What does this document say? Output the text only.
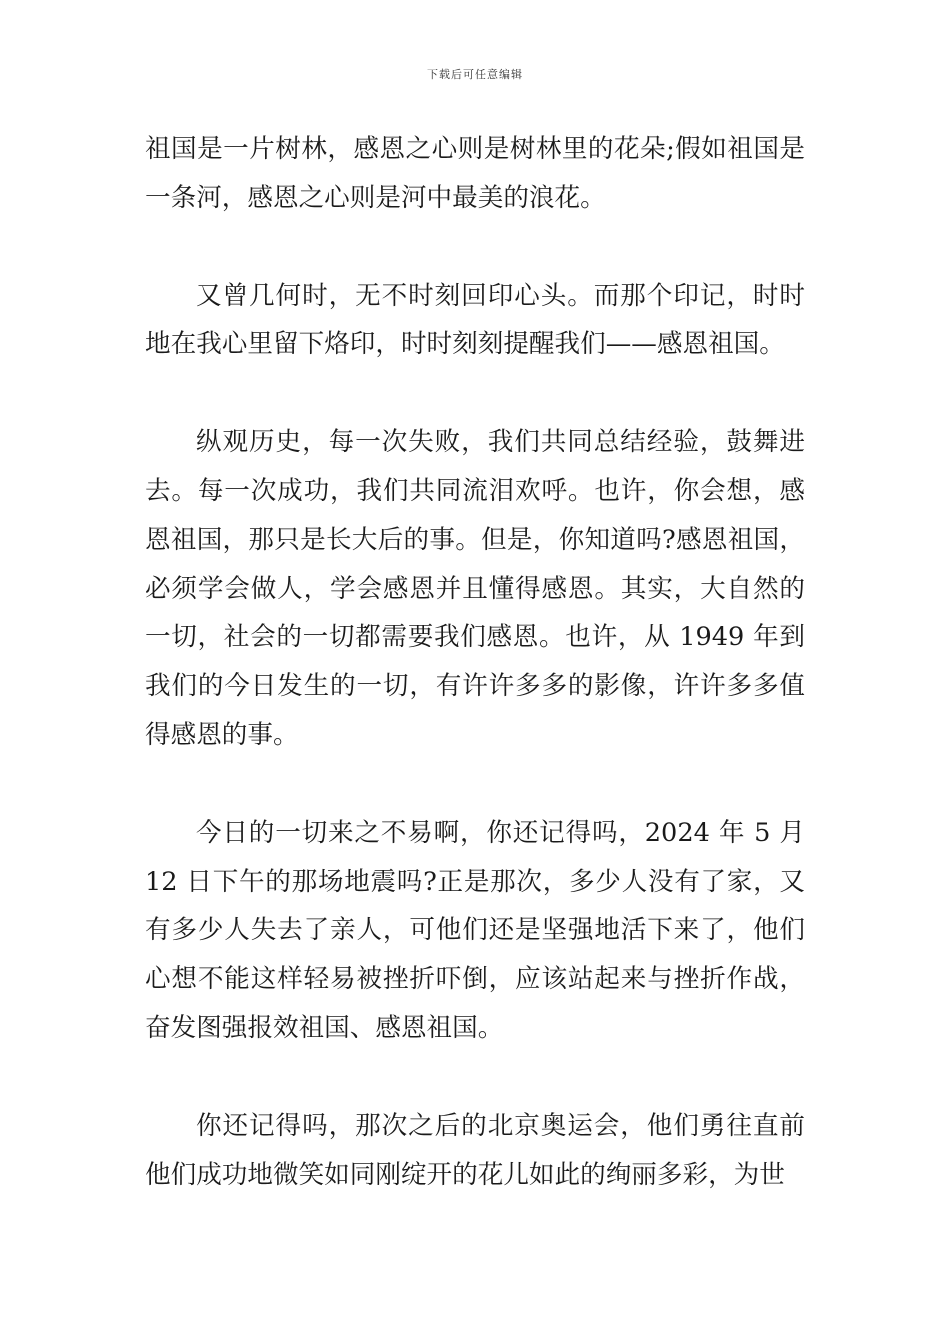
下载后可任意编辑

祖国是一片树林，感恩之心则是树林里的花朵;假如祖国是一条河，感恩之心则是河中最美的浪花。

又曾几何时，无不时刻回印心头。而那个印记，时时地在我心里留下烙印，时时刻刻提醒我们——感恩祖国。

纵观历史，每一次失败，我们共同总结经验，鼓舞进去。每一次成功，我们共同流泪欢呼。也许，你会想，感恩祖国，那只是长大后的事。但是，你知道吗?感恩祖国，必须学会做人，学会感恩并且懂得感恩。其实，大自然的一切，社会的一切都需要我们感恩。也许，从 1949 年到我们的今日发生的一切，有许许多多的影像，许许多多值得感恩的事。

今日的一切来之不易啊，你还记得吗，2024 年 5 月 12 日下午的那场地震吗?正是那次，多少人没有了家，又有多少人失去了亲人，可他们还是坚强地活下来了，他们心想不能这样轻易被挫折吓倒，应该站起来与挫折作战，奋发图强报效祖国、感恩祖国。

你还记得吗，那次之后的北京奥运会，他们勇往直前他们成功地微笑如同刚绽开的花儿如此的绚丽多彩，为世
